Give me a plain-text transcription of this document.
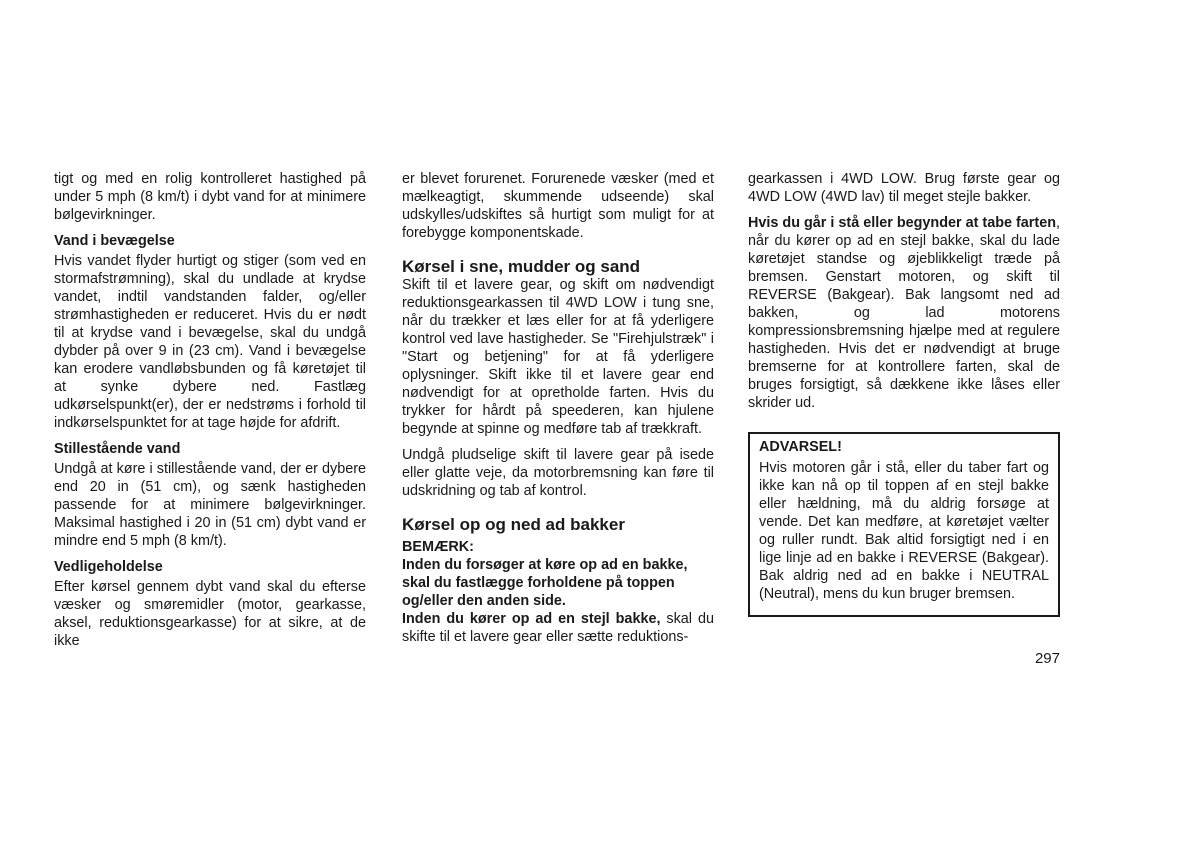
tigt og med en rolig kontrolleret hastighed på under 5 mph (8 km/t) i dybt vand for at minimere bølgevirkninger.

Vand i bevægelse

Hvis vandet flyder hurtigt og stiger (som ved en stormafstrømning), skal du undlade at krydse vandet, indtil vandstanden falder, og/eller strømhastigheden er reduceret. Hvis du er nødt til at krydse vand i bevægelse, skal du undgå dybder på over 9 in (23 cm). Vand i bevægelse kan erodere vandløbsbunden og få køretøjet til at synke dybere ned. Fastlæg udkørselspunkt(er), der er nedstrøms i forhold til indkørselspunktet for at tage højde for afdrift.

Stillestående vand

Undgå at køre i stillestående vand, der er dybere end 20 in (51 cm), og sænk hastigheden passende for at minimere bølgevirkninger. Maksimal hastighed i 20 in (51 cm) dybt vand er mindre end 5 mph (8 km/t).

Vedligeholdelse

Efter kørsel gennem dybt vand skal du efterse væsker og smøremidler (motor, gearkasse, aksel, reduktionsgearkasse) for at sikre, at de ikke

er blevet forurenet. Forurenede væsker (med et mælkeagtigt, skummende udseende) skal udskylles/udskiftes så hurtigt som muligt for at forebygge komponentskade.

Kørsel i sne, mudder og sand

Skift til et lavere gear, og skift om nødvendigt reduktionsgearkassen til 4WD LOW i tung sne, når du trækker et læs eller for at få yderligere kontrol ved lave hastigheder. Se "Firehjulstræk" i "Start og betjening" for at få yderligere oplysninger. Skift ikke til et lavere gear end nødvendigt for at opretholde farten. Hvis du trykker for hårdt på speederen, kan hjulene begynde at spinne og medføre tab af trækkraft.

Undgå pludselige skift til lavere gear på isede eller glatte veje, da motorbremsning kan føre til udskridning og tab af kontrol.

Kørsel op og ned ad bakker

BEMÆRK:

Inden du forsøger at køre op ad en bakke, skal du fastlægge forholdene på toppen og/eller den anden side.

Inden du kører op ad en stejl bakke, skal du skifte til et lavere gear eller sætte reduktions-

gearkassen i 4WD LOW. Brug første gear og 4WD LOW (4WD lav) til meget stejle bakker.

Hvis du går i stå eller begynder at tabe farten, når du kører op ad en stejl bakke, skal du lade køretøjet standse og øjeblikkeligt træde på bremsen. Genstart motoren, og skift til REVERSE (Bakgear). Bak langsomt ned ad bakken, og lad motorens kompressionsbremsning hjælpe med at regulere hastigheden. Hvis det er nødvendigt at bruge bremserne for at kontrollere farten, skal de bruges forsigtigt, så dækkene ikke låses eller skrider ud.

ADVARSEL!

Hvis motoren går i stå, eller du taber fart og ikke kan nå op til toppen af en stejl bakke eller hældning, må du aldrig forsøge at vende. Det kan medføre, at køretøjet vælter og ruller rundt. Bak altid forsigtigt ned i en lige linje ad en bakke i REVERSE (Bakgear). Bak aldrig ned ad en bakke i NEUTRAL (Neutral), mens du kun bruger bremsen.

297
